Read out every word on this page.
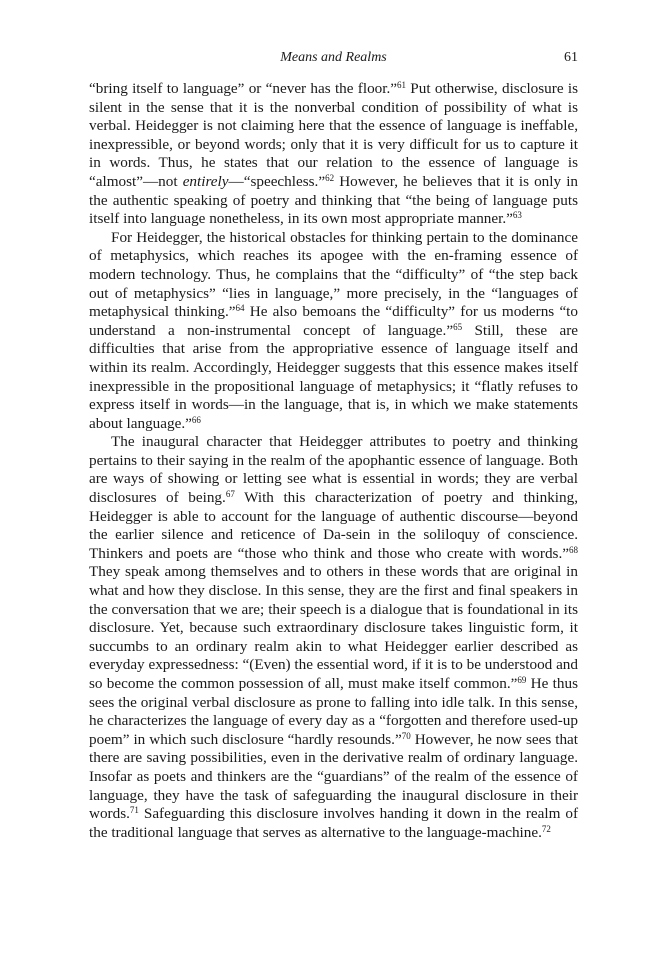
Means and Realms	61

“bring itself to language” or “never has the floor.”$^{61}$ Put otherwise, disclosure is silent in the sense that it is the nonverbal condition of possibility of what is verbal. Heidegger is not claiming here that the essence of language is ineffable, inexpressible, or beyond words; only that it is very difficult for us to capture it in words. Thus, he states that our relation to the essence of language is “almost”—not entirely—“speechless.”$^{62}$ However, he believes that it is only in the authentic speaking of poetry and thinking that “the being of language puts itself into language nonetheless, in its own most appropriate manner.”$^{63}$

For Heidegger, the historical obstacles for thinking pertain to the dominance of metaphysics, which reaches its apogee with the en-framing essence of modern technology. Thus, he complains that the “difficulty” of “the step back out of metaphysics” “lies in language,” more precisely, in the “languages of metaphysical thinking.”$^{64}$ He also bemoans the “difficulty” for us moderns “to understand a non-instrumental concept of language.”$^{65}$ Still, these are difficulties that arise from the appropriative essence of language itself and within its realm. Accordingly, Heidegger suggests that this essence makes itself inexpressible in the propositional language of metaphysics; it “flatly refuses to express itself in words—in the language, that is, in which we make statements about language.”$^{66}$

The inaugural character that Heidegger attributes to poetry and thinking pertains to their saying in the realm of the apophantic essence of language. Both are ways of showing or letting see what is essential in words; they are verbal disclosures of being.$^{67}$ With this characterization of poetry and thinking, Heidegger is able to account for the language of authentic discourse—beyond the earlier silence and reticence of Da-sein in the soliloquy of conscience. Thinkers and poets are “those who think and those who create with words.”$^{68}$ They speak among themselves and to others in these words that are original in what and how they disclose. In this sense, they are the first and final speakers in the conversation that we are; their speech is a dialogue that is foundational in its disclosure. Yet, because such extraordinary disclosure takes linguistic form, it succumbs to an ordinary realm akin to what Heidegger earlier described as everyday expressedness: “(Even) the essential word, if it is to be understood and so become the common possession of all, must make itself common.”$^{69}$ He thus sees the original verbal disclosure as prone to falling into idle talk. In this sense, he characterizes the language of every day as a “forgotten and therefore used-up poem” in which such disclosure “hardly resounds.”$^{70}$ However, he now sees that there are saving possibilities, even in the derivative realm of ordinary language. Insofar as poets and thinkers are the “guardians” of the realm of the essence of language, they have the task of safeguarding the inaugural disclosure in their words.$^{71}$ Safeguarding this disclosure involves handing it down in the realm of the traditional language that serves as alternative to the language-machine.$^{72}$
